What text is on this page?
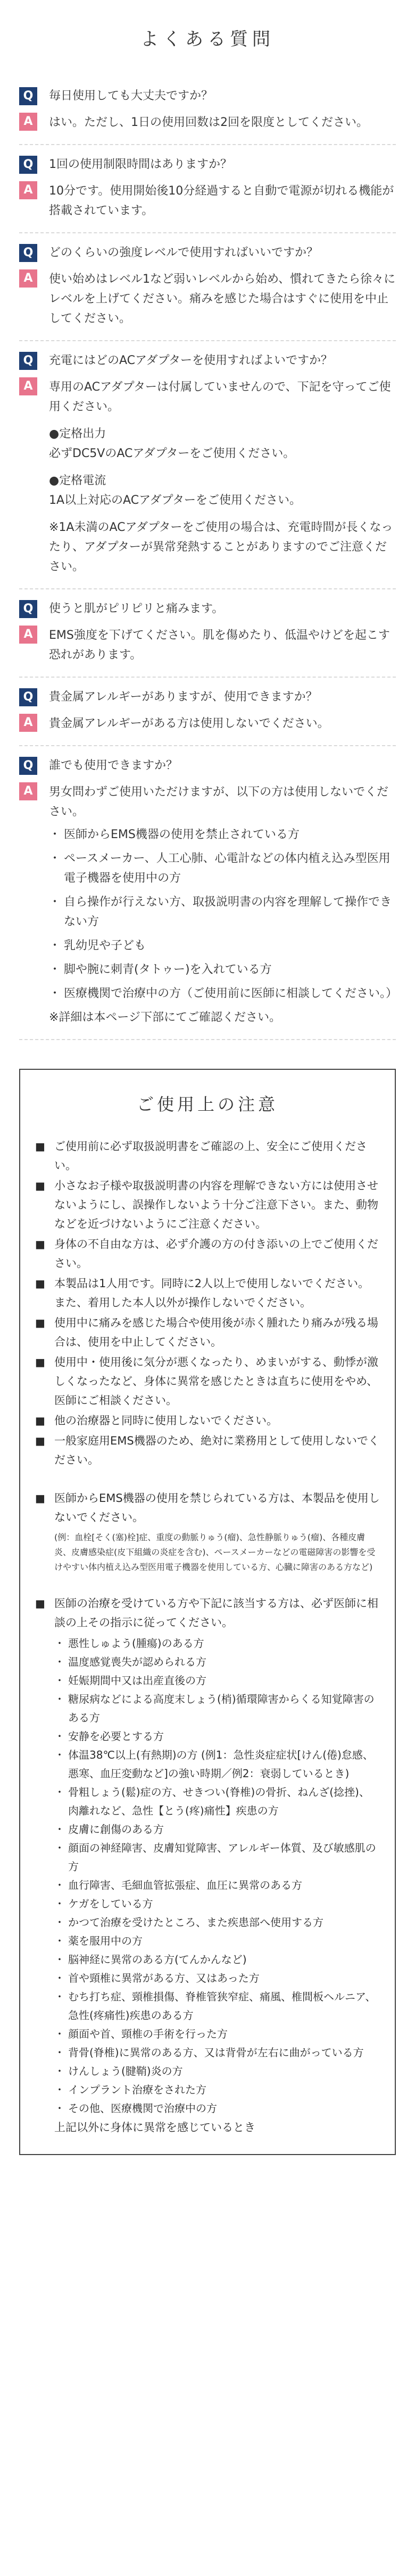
よくある質問
Q	毎日使用しても大丈夫ですか？
A	はい。ただし、1日の使用回数は2回を限度としてください。

Q	1回の使用制限時間はありますか？
A	10分です。使用開始後10分経過すると自動で電源が切れる機能が搭載されています。

Q	どのくらいの強度レベルで使用すればいいですか？
A	使い始めはレベル1など弱いレベルから始め、慣れてきたら徐々にレベルを上げてください。痛みを感じた場合はすぐに使用を中止してください。

Q	充電にはどのACアダプターを使用すればよいですか？
A	専用のACアダプターは付属していませんので、下記を守ってご使用ください。

●定格出力

必ずDC5VのACアダプターをご使用ください。

●定格電流

1A以上対応のACアダプターをご使用ください。

※1A未満のACアダプターをご使用の場合は、充電時間が長くなったり、アダプターが異常発熱することがありますのでご注意ください。

Q	使うと肌がピリピリと痛みます。
A	EMS強度を下げてください。肌を傷めたり、低温やけどを起こす恐れがあります。

Q	貴金属アレルギーがありますが、使用できますか？
A	貴金属アレルギーがある方は使用しないでください。

Q	誰でも使用できますか？
A	男女問わずご使用いただけますが、以下の方は使用しないでください。

・ 医師からEMS機器の使用を禁止されている方
・ ペースメーカー、人工心肺、心電計などの体内植え込み型医用電子機器を使用中の方
・ 自ら操作が行えない方、取扱説明書の内容を理解して操作できない方
・ 乳幼児や子ども
・ 脚や腕に刺青(タトゥー)を入れている方
・ 医療機関で治療中の方（ご使用前に医師に相談してください。）

※詳細は本ページ下部にてご確認ください。

ご使用上の注意
■ ご使用前に必ず取扱説明書をご確認の上、安全にご使用ください。
■ 小さなお子様や取扱説明書の内容を理解できない方には使用させないようにし、誤操作しないよう十分ご注意下さい。また、動物などを近づけないようにご注意ください。
■ 身体の不自由な方は、必ず介護の方の付き添いの上でご使用ください。
■ 本製品は1人用です。同時に2人以上で使用しないでください。また、着用した本人以外が操作しないでください。
■ 使用中に痛みを感じた場合や使用後が赤く腫れたり痛みが残る場合は、使用を中止してください。
■ 使用中・使用後に気分が悪くなったり、めまいがする、動悸が激しくなったなど、身体に異常を感じたときは直ちに使用をやめ、医師にご相談ください。
■ 他の治療器と同時に使用しないでください。
■ 一般家庭用EMS機器のため、絶対に業務用として使用しないでください。
■ 医師からEMS機器の使用を禁じられている方は、本製品を使用しないでください。
(例：血栓[そく(塞)栓]症、重度の動脈りゅう(瘤)、急性静脈りゅう(瘤)、各種皮膚炎、皮膚感染症(皮下組織の炎症を含む)、ペースメーカーなどの電磁障害の影響を受けやすい体内植え込み型医用電子機器を使用している方、心臓に障害のある方など)
■ 医師の治療を受けている方や下記に該当する方は、必ず医師に相談の上その指示に従ってください。
・ 悪性しゅよう(腫瘍)のある方
・ 温度感覚喪失が認められる方
・ 妊娠期間中又は出産直後の方
・ 糖尿病などによる高度末しょう(梢)循環障害からくる知覚障害のある方
・ 安静を必要とする方
・ 体温38℃以上(有熱期)の方 (例1：急性炎症症状[けん(倦)怠感、悪寒、血圧変動など]の強い時期／例2：衰弱しているとき)
・ 骨粗しょう(鬆)症の方、せきつい(脊椎)の骨折、ねんざ(捻挫)、肉離れなど、急性【とう(疼)痛性】疾患の方
・ 皮膚に創傷のある方
・ 顔面の神経障害、皮膚知覚障害、アレルギー体質、及び敏感肌の方
・ 血行障害、毛細血管拡張症、血圧に異常のある方
・ ケガをしている方
・ かつて治療を受けたところ、また疾患部へ使用する方
・ 薬を服用中の方
・ 脳神経に異常のある方(てんかんなど)
・ 首や頸椎に異常がある方、又はあった方
・ むち打ち症、頸椎損傷、脊椎管狭窄症、痛風、椎間板ヘルニア、急性(疼痛性)疾患のある方
・ 顔面や首、頸椎の手術を行った方
・ 背骨(脊椎)に異常のある方、又は背骨が左右に曲がっている方
・ けんしょう(腱鞘)炎の方
・ インプラント治療をされた方
・ その他、医療機関で治療中の方
上記以外に身体に異常を感じているとき
